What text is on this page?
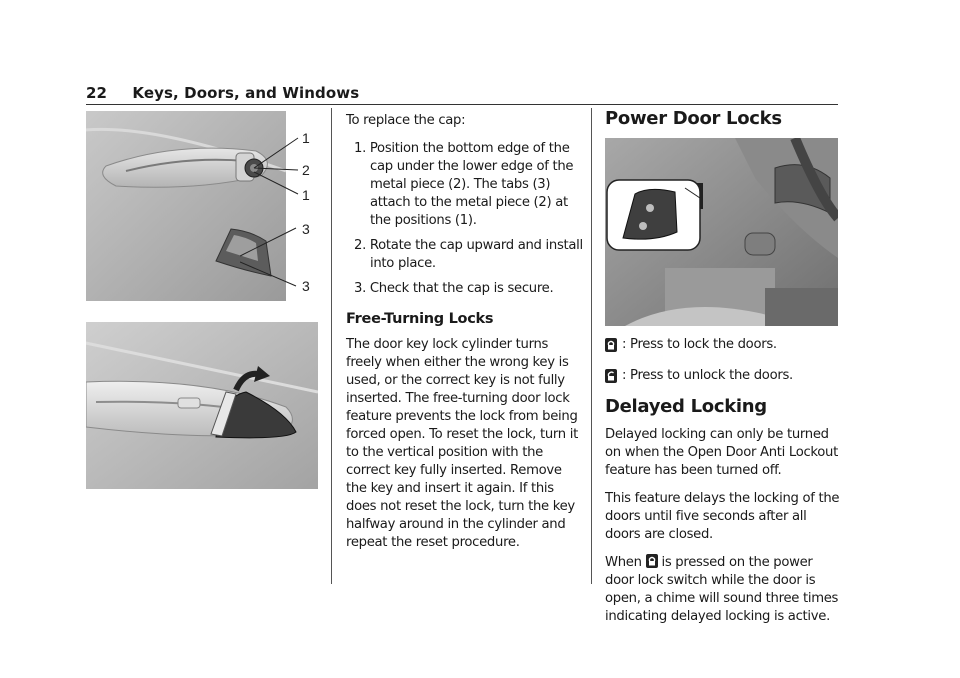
22 Keys, Doors, and Windows
1
2
1
3
3

To replace the cap:

1. Position the bottom edge of the cap under the lower edge of the metal piece (2). The tabs (3) attach to the metal piece (2) at the positions (1).
2. Rotate the cap upward and install into place.
3. Check that the cap is secure.
Free-Turning Locks

The door key lock cylinder turns freely when either the wrong key is used, or the correct key is not fully inserted. The free-turning door lock feature prevents the lock from being forced open. To reset the lock, turn it to the vertical position with the correct key fully inserted. Remove the key and insert it again. If this does not reset the lock, turn the key halfway around in the cylinder and repeat the reset procedure.

Power Door Locks
: Press to lock the doors.
: Press to unlock the doors.
Delayed Locking

Delayed locking can only be turned on when the Open Door Anti Lockout feature has been turned off.

This feature delays the locking of the doors until five seconds after all doors are closed.

When is pressed on the power door lock switch while the door is open, a chime will sound three times indicating delayed locking is active.
